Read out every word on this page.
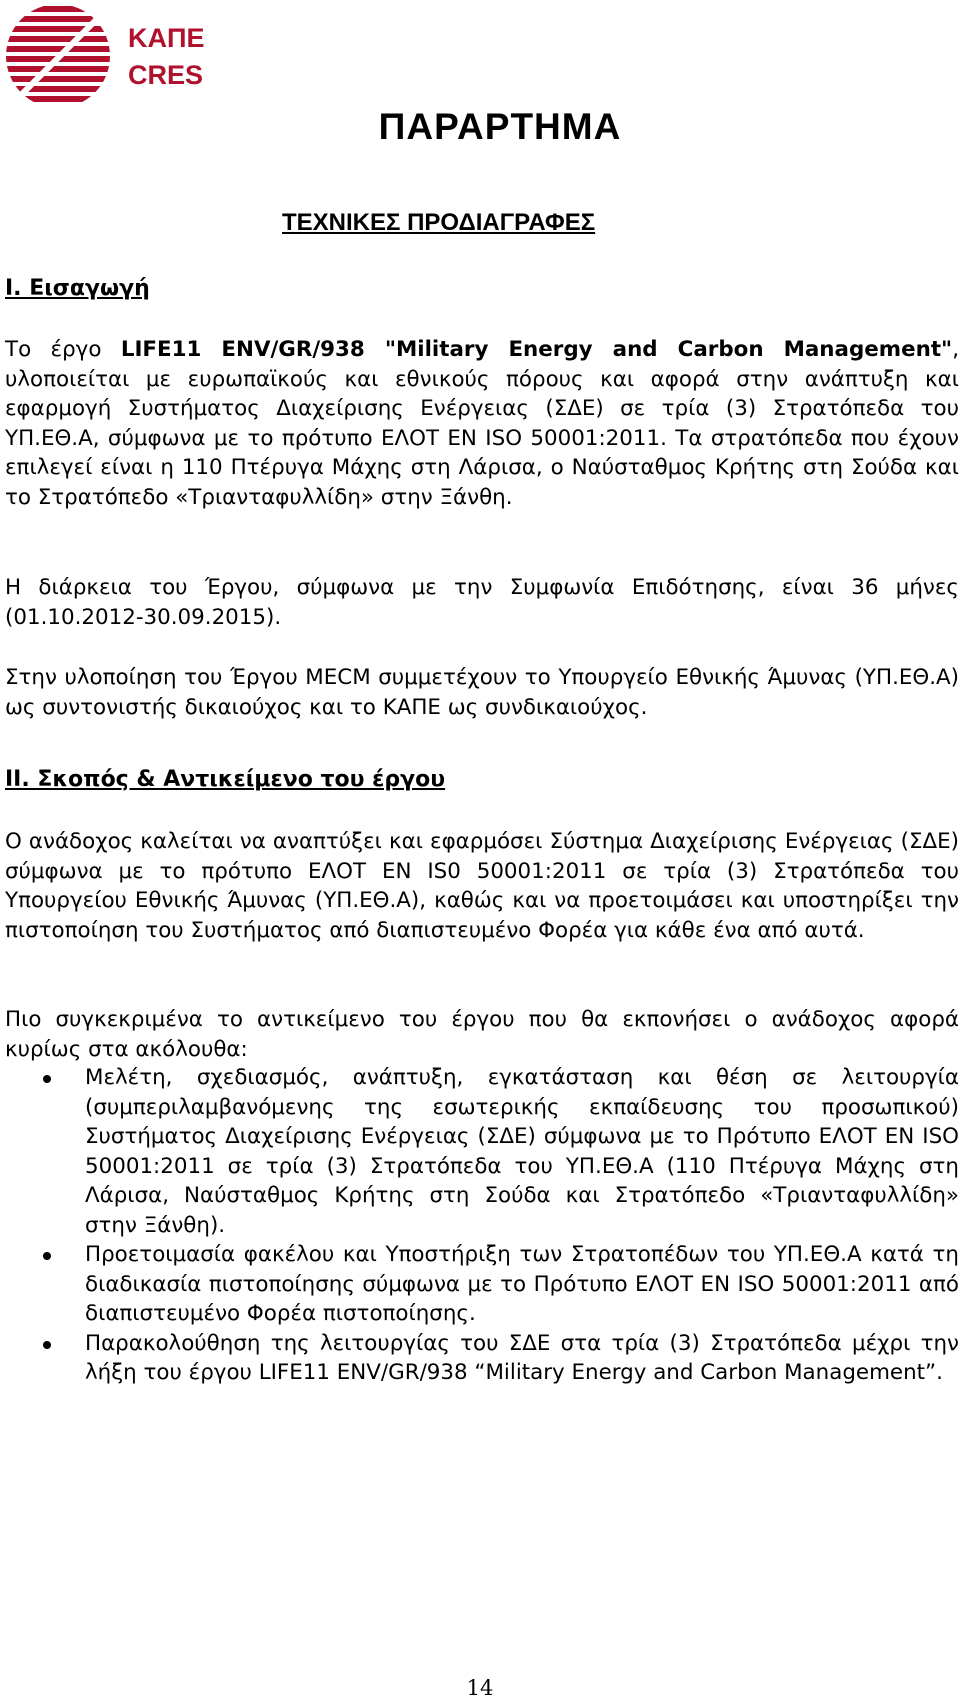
ΚΑΠΕ
CRES
ΠΑΡΑΡΤΗΜΑ
ΤΕΧΝΙΚΕΣ ΠΡΟΔΙΑΓΡΑΦΕΣ
Ι. Εισαγωγή

Το έργο LIFE11 ENV/GR/938 "Military Energy and Carbon Management", υλοποιείται με ευρωπαϊκούς και εθνικούς πόρους και αφορά στην ανάπτυξη και εφαρμογή Συστήματος Διαχείρισης Ενέργειας (ΣΔΕ) σε τρία (3) Στρατόπεδα του ΥΠ.ΕΘ.Α, σύμφωνα με το πρότυπο ΕΛΟΤ ΕΝ ISO 50001:2011. Τα στρατόπεδα που έχουν επιλεγεί είναι η 110 Πτέρυγα Μάχης στη Λάρισα, ο Ναύσταθμος Κρήτης στη Σούδα και το Στρατόπεδο «Τριανταφυλλίδη» στην Ξάνθη.

Η διάρκεια του Έργου, σύμφωνα με την Συμφωνία Επιδότησης, είναι 36 μήνες (01.10.2012-30.09.2015).

Στην υλοποίηση του Έργου MECM συμμετέχουν το Υπουργείο Εθνικής Άμυνας (ΥΠ.ΕΘ.Α) ως συντονιστής δικαιούχος και το ΚΑΠΕ ως συνδικαιούχος.

ΙΙ. Σκοπός & Αντικείμενο του έργου

Ο ανάδοχος καλείται να αναπτύξει και εφαρμόσει Σύστημα Διαχείρισης Ενέργειας (ΣΔΕ) σύμφωνα με το πρότυπο ΕΛΟΤ ΕΝ IS0 50001:2011 σε τρία (3) Στρατόπεδα του Υπουργείου Εθνικής Άμυνας (ΥΠ.ΕΘ.Α), καθώς και να προετοιμάσει και υποστηρίξει την πιστοποίηση του Συστήματος από διαπιστευμένο Φορέα για κάθε ένα από αυτά.

Πιο συγκεκριμένα το αντικείμενο του έργου που θα εκπονήσει ο ανάδοχος αφορά κυρίως στα ακόλουθα:

Μελέτη, σχεδιασμός, ανάπτυξη, εγκατάσταση και θέση σε λειτουργία (συμπεριλαμβανόμενης της εσωτερικής εκπαίδευσης του προσωπικού) Συστήματος Διαχείρισης Ενέργειας (ΣΔΕ) σύμφωνα με το Πρότυπο ΕΛΟΤ ΕΝ ISO 50001:2011 σε τρία (3) Στρατόπεδα του ΥΠ.ΕΘ.Α (110 Πτέρυγα Μάχης στη Λάρισα, Ναύσταθμος Κρήτης στη Σούδα και Στρατόπεδο «Τριανταφυλλίδη» στην Ξάνθη).
Προετοιμασία φακέλου και Υποστήριξη των Στρατοπέδων του ΥΠ.ΕΘ.Α κατά τη διαδικασία πιστοποίησης σύμφωνα με το Πρότυπο ΕΛΟΤ ΕΝ ISO 50001:2011 από διαπιστευμένο Φορέα πιστοποίησης.
Παρακολούθηση της λειτουργίας του ΣΔΕ στα τρία (3) Στρατόπεδα μέχρι την λήξη του έργου LIFE11 ENV/GR/938 “Military Energy and Carbon Management”.
14
